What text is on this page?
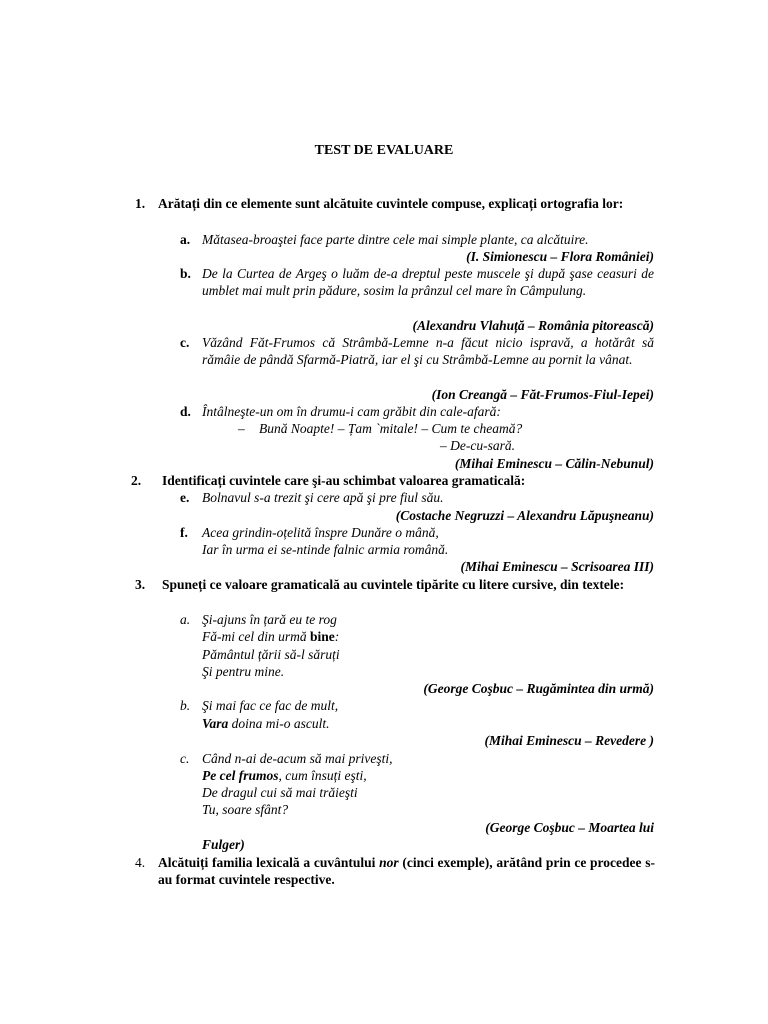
TEST DE EVALUARE
1. Arătați din ce elemente sunt alcătuite cuvintele compuse, explicați ortografia lor:
a. Mătasea-broaştei face parte dintre cele mai simple plante, ca alcătuire.
(I. Simionescu – Flora României)
b. De la Curtea de Argeş o luăm de-a dreptul peste muscele şi după şase ceasuri de umblet mai mult prin pădure, sosim la prânzul cel mare în Câmpulung.
(Alexandru Vlahuță – România pitorească)
c. Văzând Făt-Frumos că Strâmbă-Lemne n-a făcut nicio ispravă, a hotărât să rămâie de pândă Sfarmă-Piatră, iar el şi cu Strâmbă-Lemne au pornit la vânat.
(Ion Creangă – Făt-Frumos-Fiul-Iepei)
d. Întâlneşte-un om în drumu-i cam grăbit din cale-afară:
– Bună Noapte! – Țam `mitale! – Cum te cheamă?
– De-cu-sară.
(Mihai Eminescu – Călin-Nebunul)
2. Identificați cuvintele care şi-au schimbat valoarea gramaticală:
e. Bolnavul s-a trezit şi cere apă şi pre fiul său.
(Costache Negruzzi – Alexandru Lăpuşneanu)
f. Acea grindin-oțelită înspre Dunăre o mână,
Iar în urma ei se-ntinde falnic armia română.
(Mihai Eminescu – Scrisoarea III)
3. Spuneți ce valoare gramaticală au cuvintele tipărite cu litere cursive, din textele:
a. Şi-ajuns în țară eu te rog
Fă-mi cel din urmă bine:
Pământul țării să-l săruți
Şi pentru mine.
(George Coşbuc – Rugămintea din urmă)
b. Şi mai fac ce fac de mult,
Vara doina mi-o ascult.
(Mihai Eminescu – Revedere )
c. Când n-ai de-acum să mai priveşti,
Pe cel frumos, cum însuți eşti,
De dragul cui să mai trăieşti
Tu, soare sfânt?
(George Coşbuc – Moartea lui
Fulger)
4. Alcătuiți familia lexicală a cuvântului nor (cinci exemple), arătând prin ce procedee s-au format cuvintele respective.
